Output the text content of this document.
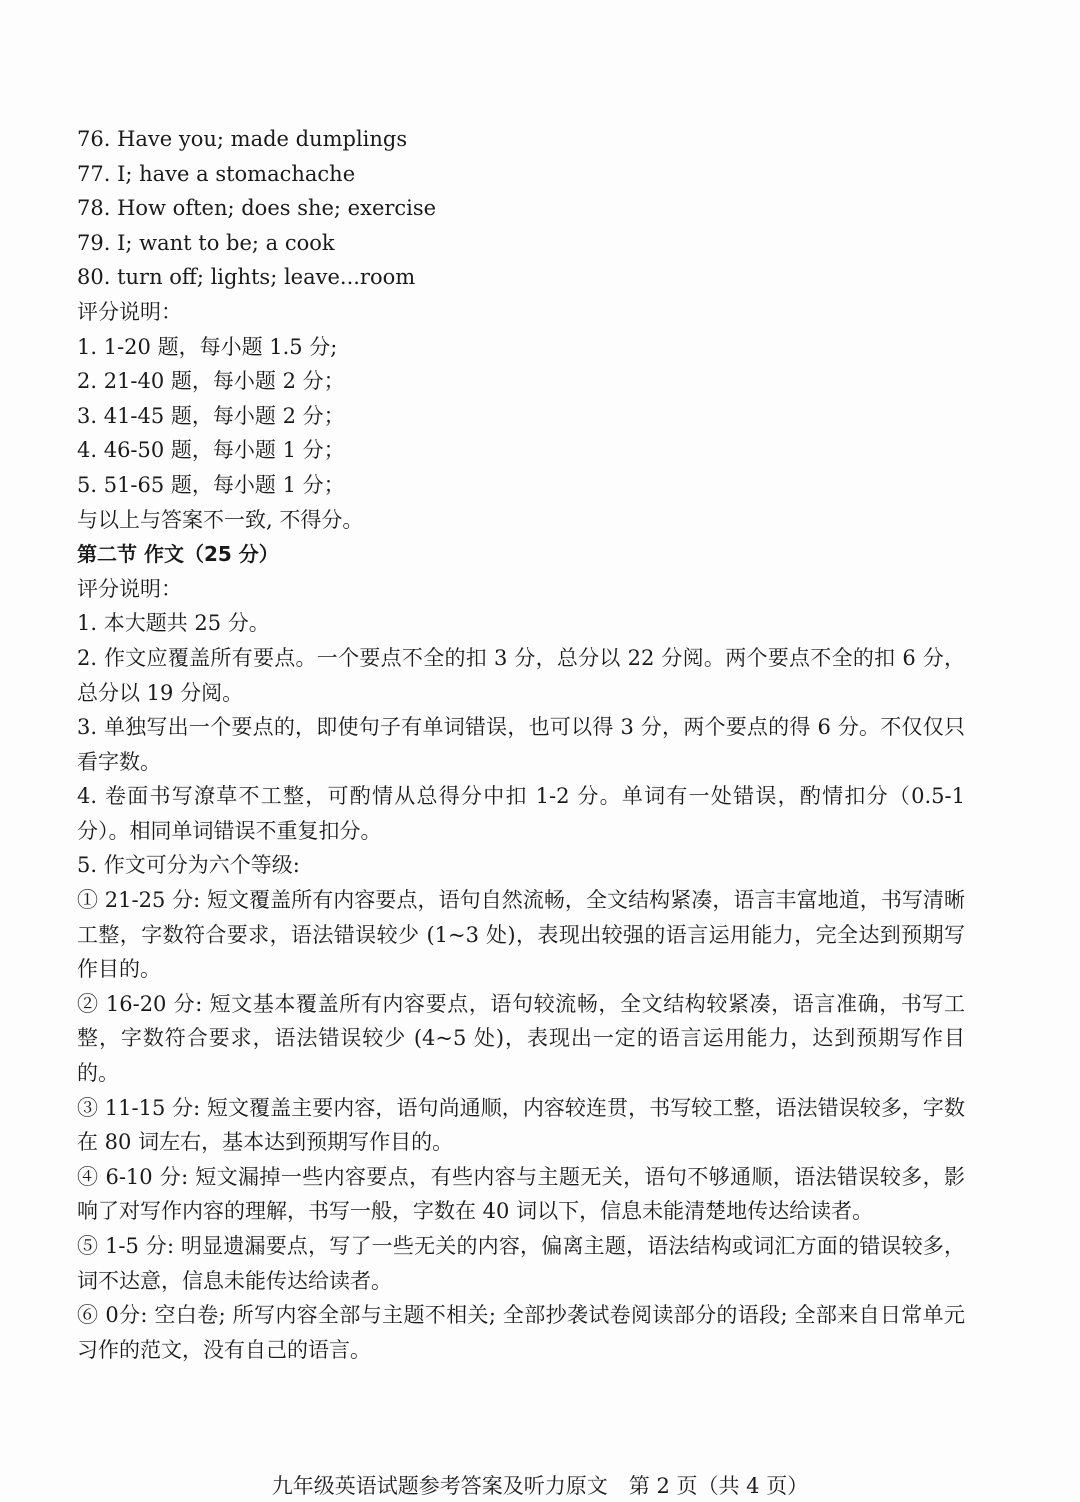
76. Have you; made dumplings
77. I; have a stomachache
78. How often; does she; exercise
79. I; want to be; a cook
80. turn off; lights; leave...room
评分说明：
1. 1-20 题，每小题 1.5 分;
2. 21-40 题，每小题 2 分；
3. 41-45 题，每小题 2 分；
4. 46-50 题，每小题 1 分；
5. 51-65 题，每小题 1 分；
与以上与答案不一致, 不得分。
第二节 作文（25 分）
评分说明：
1. 本大题共 25 分。
2. 作文应覆盖所有要点。一个要点不全的扣 3 分，总分以 22 分阅。两个要点不全的扣 6 分，总分以 19 分阅。
3. 单独写出一个要点的，即使句子有单词错误，也可以得 3 分，两个要点的得 6 分。不仅仅只看字数。
4. 卷面书写潦草不工整，可酌情从总得分中扣 1-2 分。单词有一处错误，酌情扣分（0.5-1 分）。相同单词错误不重复扣分。
5. 作文可分为六个等级:
① 21-25 分: 短文覆盖所有内容要点，语句自然流畅，全文结构紧凑，语言丰富地道，书写清晰工整，字数符合要求，语法错误较少 (1~3 处)，表现出较强的语言运用能力，完全达到预期写作目的。
② 16-20 分: 短文基本覆盖所有内容要点，语句较流畅，全文结构较紧凑，语言准确，书写工整，字数符合要求，语法错误较少 (4~5 处)，表现出一定的语言运用能力，达到预期写作目的。
③ 11-15 分: 短文覆盖主要内容，语句尚通顺，内容较连贯，书写较工整，语法错误较多，字数在 80 词左右，基本达到预期写作目的。
④ 6-10 分: 短文漏掉一些内容要点，有些内容与主题无关，语句不够通顺，语法错误较多，影响了对写作内容的理解，书写一般，字数在 40 词以下，信息未能清楚地传达给读者。
⑤ 1-5 分: 明显遗漏要点，写了一些无关的内容，偏离主题，语法结构或词汇方面的错误较多，词不达意，信息未能传达给读者。
⑥ 0分: 空白卷; 所写内容全部与主题不相关; 全部抄袭试卷阅读部分的语段; 全部来自日常单元习作的范文，没有自己的语言。
九年级英语试题参考答案及听力原文　第 2 页（共 4 页）
